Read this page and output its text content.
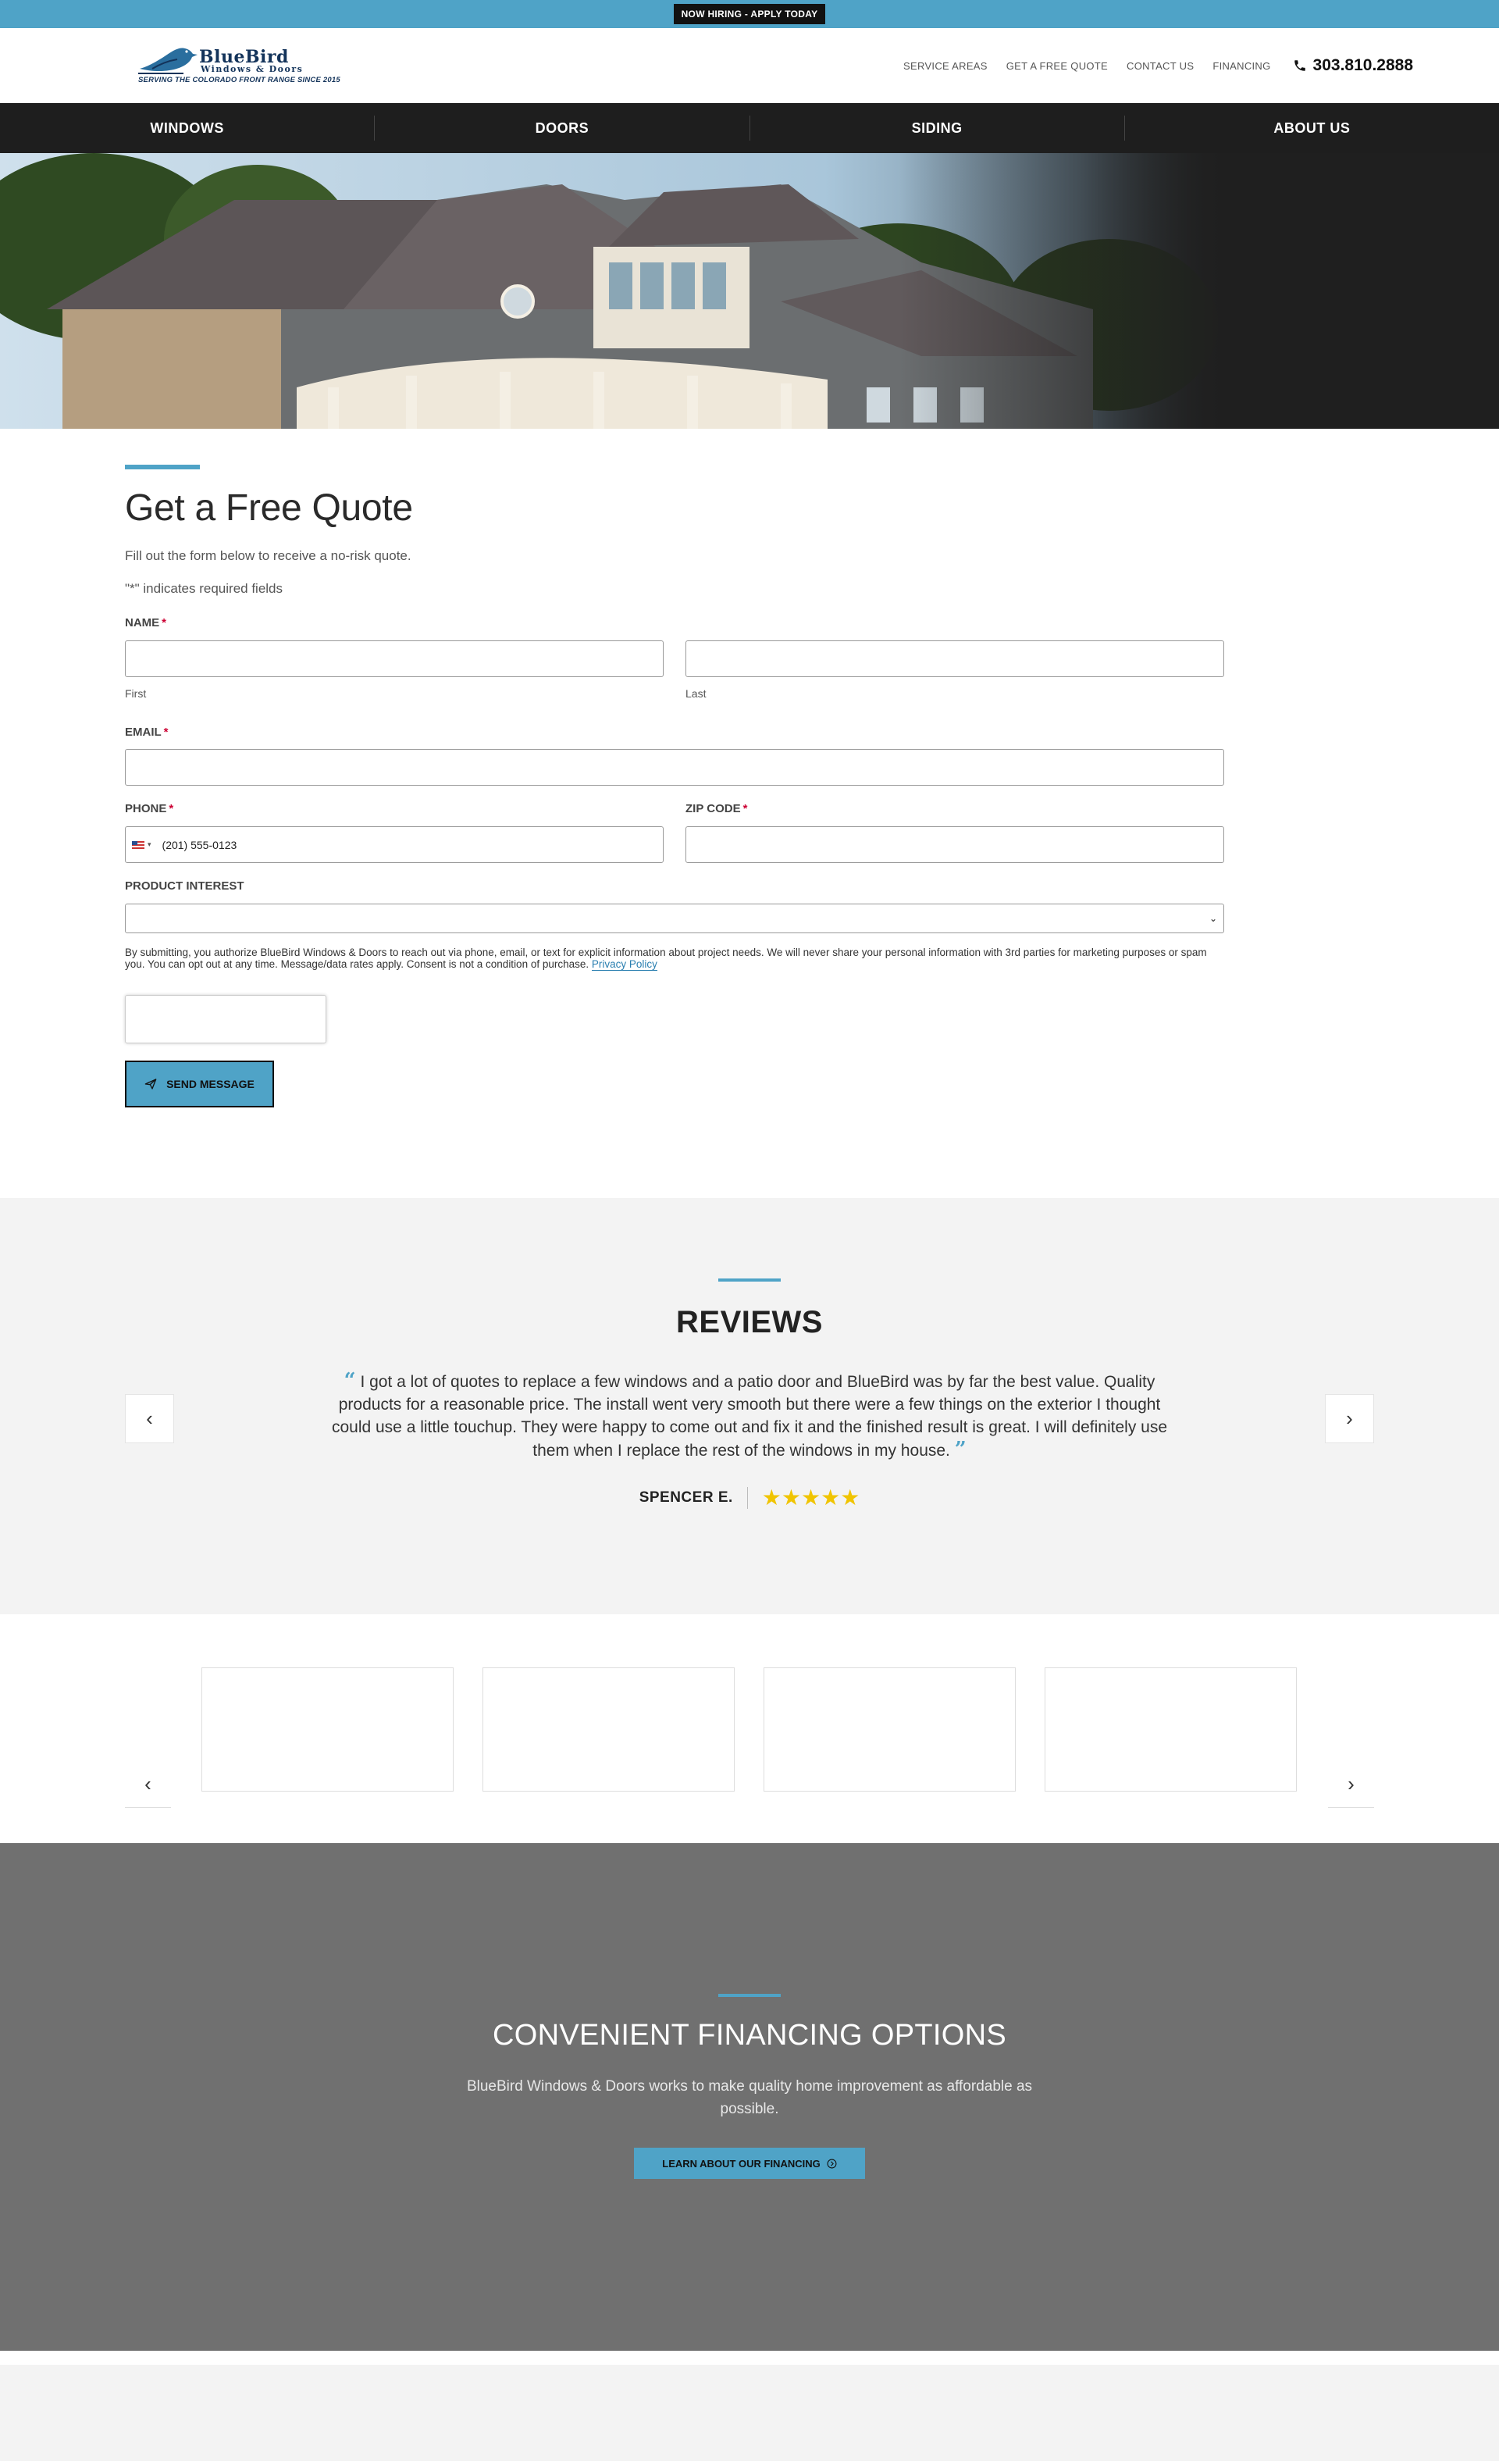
NOW HIRING - APPLY TODAY
BlueBird
Windows & Doors
SERVING THE COLORADO FRONT RANGE SINCE 2015
SERVICE AREAS GET A FREE QUOTE CONTACT US FINANCING	303.810.2888
WINDOWS	DOORS	SIDING	ABOUT US
Get a Free Quote
Fill out the form below to receive a no-risk quote.
"*" indicates required fields
NAME *
First	Last
EMAIL *
PHONE *
▾ (201) 555-0123
ZIP CODE *
PRODUCT INTEREST
⌄
By submitting, you authorize BlueBird Windows & Doors to reach out via phone, email, or text for explicit information about project needs. We will never share your personal information with 3rd parties for marketing purposes or spam you. You can opt out at any time. Message/data rates apply. Consent is not a condition of purchase. Privacy Policy
SEND MESSAGE
REVIEWS
‹	›
“ I got a lot of quotes to replace a few windows and a patio door and BlueBird was by far the best value. Quality products for a reasonable price. The install went very smooth but there were a few things on the exterior I thought could use a little touchup. They were happy to come out and fix it and the finished result is great. I will definitely use them when I replace the rest of the windows in my house. ”
SPENCER E. ★★★★★
‹	›
CONVENIENT FINANCING OPTIONS

BlueBird Windows & Doors works to make quality home improvement as affordable as possible.

LEARN ABOUT OUR FINANCING
